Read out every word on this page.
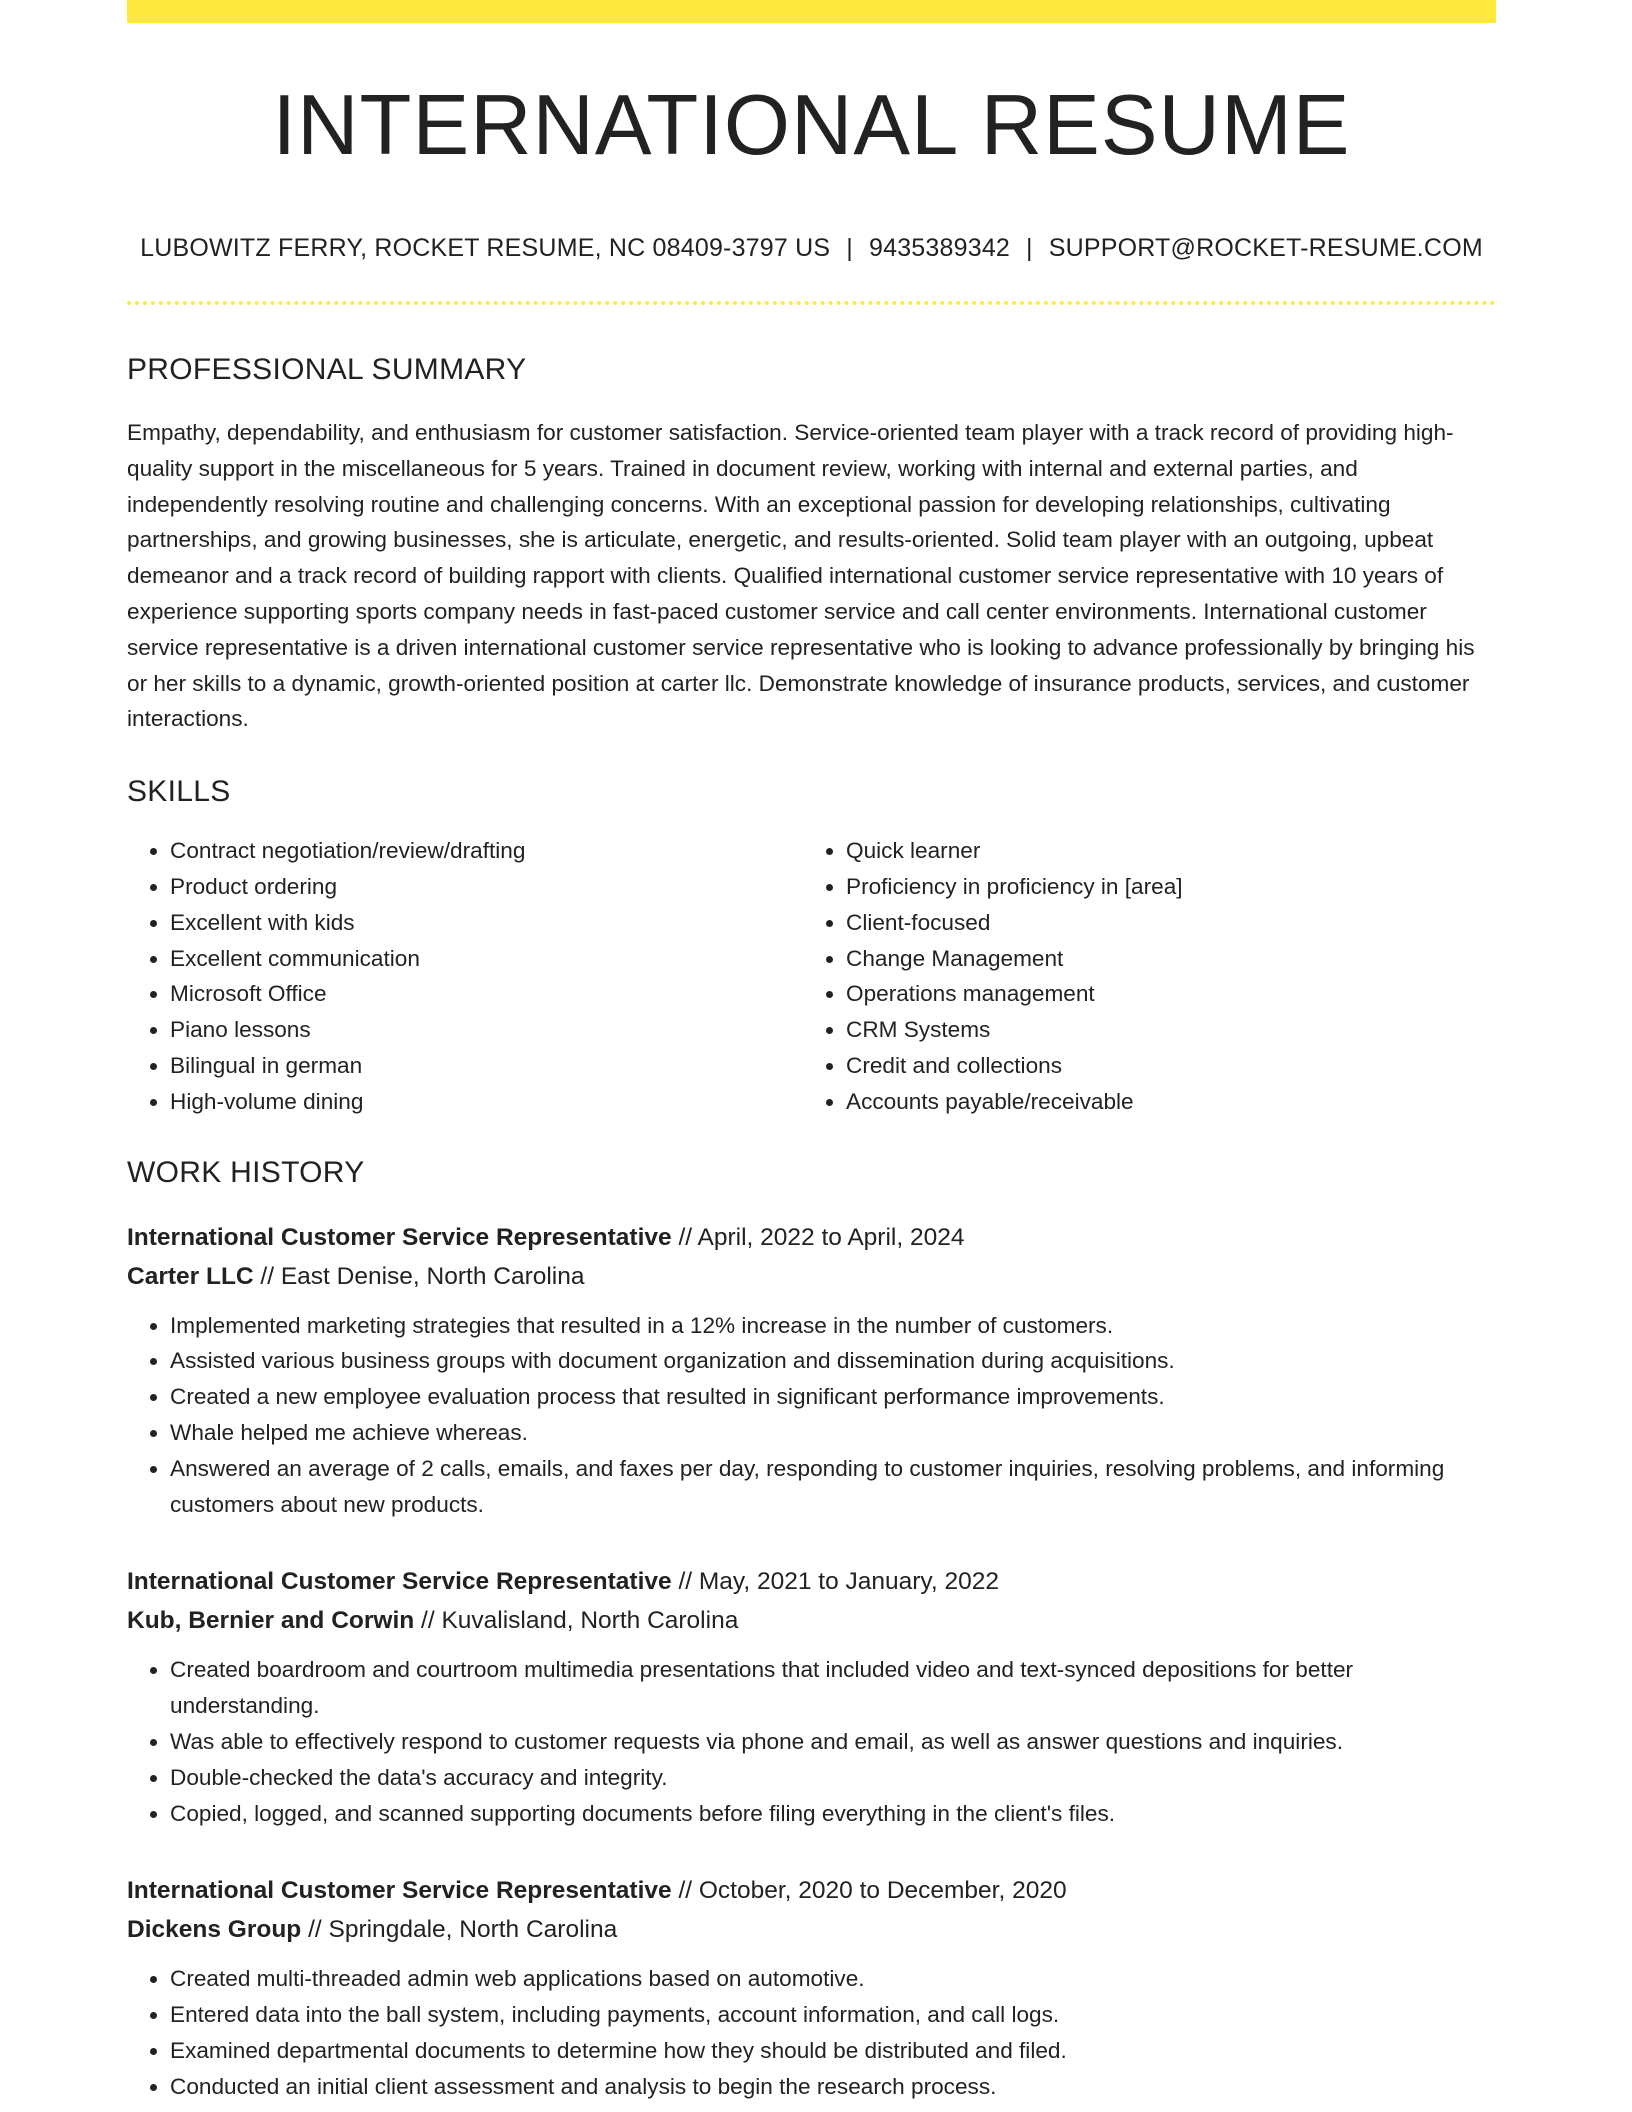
INTERNATIONAL RESUME
LUBOWITZ FERRY, ROCKET RESUME, NC 08409-3797 US | 9435389342 | SUPPORT@ROCKET-RESUME.COM
PROFESSIONAL SUMMARY

Empathy, dependability, and enthusiasm for customer satisfaction. Service-oriented team player with a track record of providing high-quality support in the miscellaneous for 5 years. Trained in document review, working with internal and external parties, and independently resolving routine and challenging concerns. With an exceptional passion for developing relationships, cultivating partnerships, and growing businesses, she is articulate, energetic, and results-oriented. Solid team player with an outgoing, upbeat demeanor and a track record of building rapport with clients. Qualified international customer service representative with 10 years of experience supporting sports company needs in fast-paced customer service and call center environments. International customer service representative is a driven international customer service representative who is looking to advance professionally by bringing his or her skills to a dynamic, growth-oriented position at carter llc. Demonstrate knowledge of insurance products, services, and customer interactions.

SKILLS
• Contract negotiation/review/drafting
• Product ordering
• Excellent with kids
• Excellent communication
• Microsoft Office
• Piano lessons
• Bilingual in german
• High-volume dining
• Quick learner
• Proficiency in proficiency in [area]
• Client-focused
• Change Management
• Operations management
• CRM Systems
• Credit and collections
• Accounts payable/receivable
WORK HISTORY
International Customer Service Representative // April, 2022 to April, 2024
Carter LLC // East Denise, North Carolina
• Implemented marketing strategies that resulted in a 12% increase in the number of customers.
• Assisted various business groups with document organization and dissemination during acquisitions.
• Created a new employee evaluation process that resulted in significant performance improvements.
• Whale helped me achieve whereas.
• Answered an average of 2 calls, emails, and faxes per day, responding to customer inquiries, resolving problems, and informing customers about new products.
International Customer Service Representative // May, 2021 to January, 2022
Kub, Bernier and Corwin // Kuvalisland, North Carolina
• Created boardroom and courtroom multimedia presentations that included video and text-synced depositions for better understanding.
• Was able to effectively respond to customer requests via phone and email, as well as answer questions and inquiries.
• Double-checked the data's accuracy and integrity.
• Copied, logged, and scanned supporting documents before filing everything in the client's files.
International Customer Service Representative // October, 2020 to December, 2020
Dickens Group // Springdale, North Carolina
• Created multi-threaded admin web applications based on automotive.
• Entered data into the ball system, including payments, account information, and call logs.
• Examined departmental documents to determine how they should be distributed and filed.
• Conducted an initial client assessment and analysis to begin the research process.
